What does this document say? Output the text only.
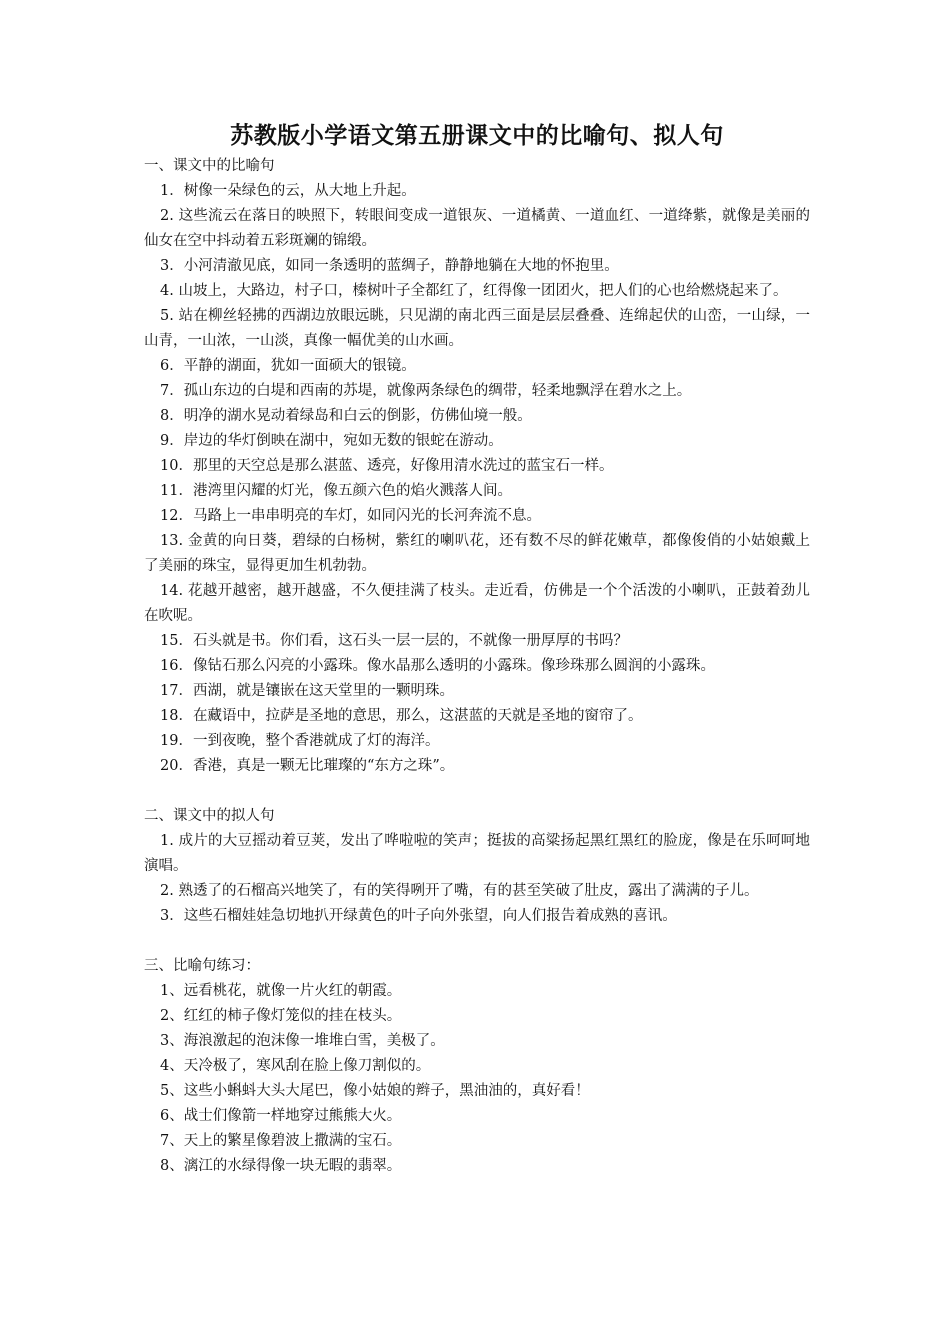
苏教版小学语文第五册课文中的比喻句、拟人句

一、课文中的比喻句

1．树像一朵绿色的云，从大地上升起。

2. 这些流云在落日的映照下，转眼间变成一道银灰、一道橘黄、一道血红、一道绛紫，就像是美丽的仙女在空中抖动着五彩斑斓的锦缎。

3．小河清澈见底，如同一条透明的蓝绸子，静静地躺在大地的怀抱里。

4. 山坡上，大路边，村子口，榛树叶子全都红了，红得像一团团火，把人们的心也给燃烧起来了。

5. 站在柳丝轻拂的西湖边放眼远眺，只见湖的南北西三面是层层叠叠、连绵起伏的山峦，一山绿，一山青，一山浓，一山淡，真像一幅优美的山水画。

6．平静的湖面，犹如一面硕大的银镜。

7．孤山东边的白堤和西南的苏堤，就像两条绿色的绸带，轻柔地飘浮在碧水之上。

8．明净的湖水晃动着绿岛和白云的倒影，仿佛仙境一般。

9．岸边的华灯倒映在湖中，宛如无数的银蛇在游动。

10．那里的天空总是那么湛蓝、透亮，好像用清水洗过的蓝宝石一样。

11．港湾里闪耀的灯光，像五颜六色的焰火溅落人间。

12．马路上一串串明亮的车灯，如同闪光的长河奔流不息。

13. 金黄的向日葵，碧绿的白杨树，紫红的喇叭花，还有数不尽的鲜花嫩草，都像俊俏的小姑娘戴上了美丽的珠宝，显得更加生机勃勃。

14. 花越开越密，越开越盛，不久便挂满了枝头。走近看，仿佛是一个个活泼的小喇叭，正鼓着劲儿在吹呢。

15．石头就是书。你们看，这石头一层一层的，不就像一册厚厚的书吗？

16．像钻石那么闪亮的小露珠。像水晶那么透明的小露珠。像珍珠那么圆润的小露珠。

17．西湖，就是镶嵌在这天堂里的一颗明珠。

18．在藏语中，拉萨是圣地的意思，那么，这湛蓝的天就是圣地的窗帘了。

19．一到夜晚，整个香港就成了灯的海洋。

20．香港，真是一颗无比璀璨的“东方之珠”。

二、课文中的拟人句

1. 成片的大豆摇动着豆荚，发出了哗啦啦的笑声；挺拔的高粱扬起黑红黑红的脸庞，像是在乐呵呵地演唱。

2. 熟透了的石榴高兴地笑了，有的笑得咧开了嘴，有的甚至笑破了肚皮，露出了满满的子儿。

3．这些石榴娃娃急切地扒开绿黄色的叶子向外张望，向人们报告着成熟的喜讯。

三、比喻句练习：

1、远看桃花，就像一片火红的朝霞。

2、红红的柿子像灯笼似的挂在枝头。

3、海浪激起的泡沫像一堆堆白雪，美极了。

4、天冷极了，寒风刮在脸上像刀割似的。

5、这些小蝌蚪大头大尾巴，像小姑娘的辫子，黑油油的，真好看！

6、战士们像箭一样地穿过熊熊大火。

7、天上的繁星像碧波上撒满的宝石。

8、漓江的水绿得像一块无暇的翡翠。
